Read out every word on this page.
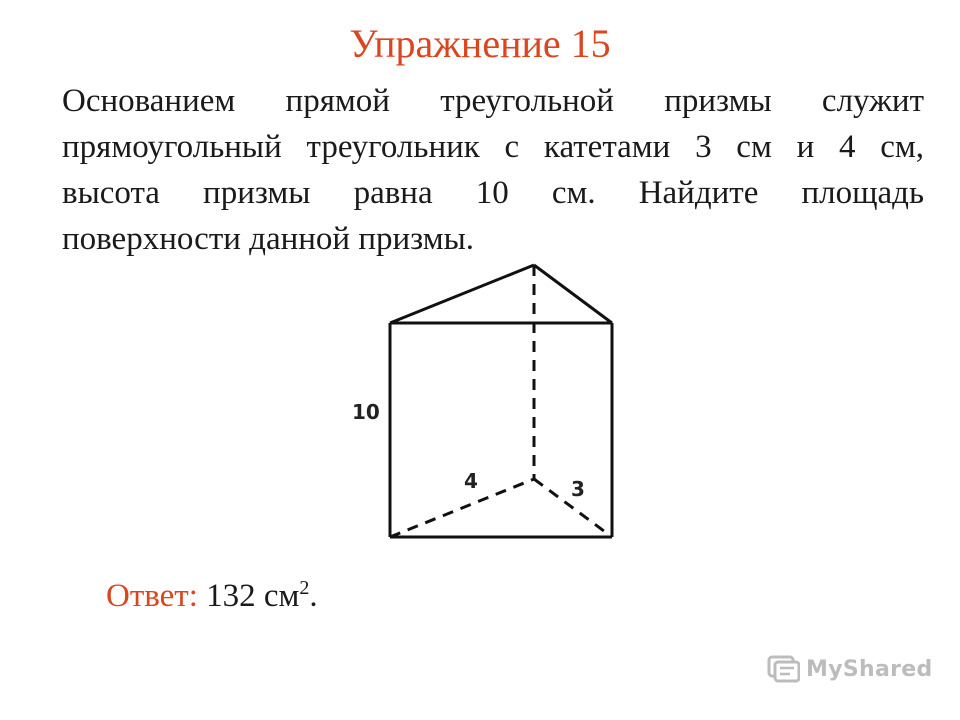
Упражнение 15
Основанием прямой треугольной призмы служит
прямоугольный треугольник с катетами 3 см и 4 см,
высота призмы равна 10 см. Найдите площадь
поверхности данной призмы.
10
4	3
Ответ: 132 $см^2$.
MyShared
